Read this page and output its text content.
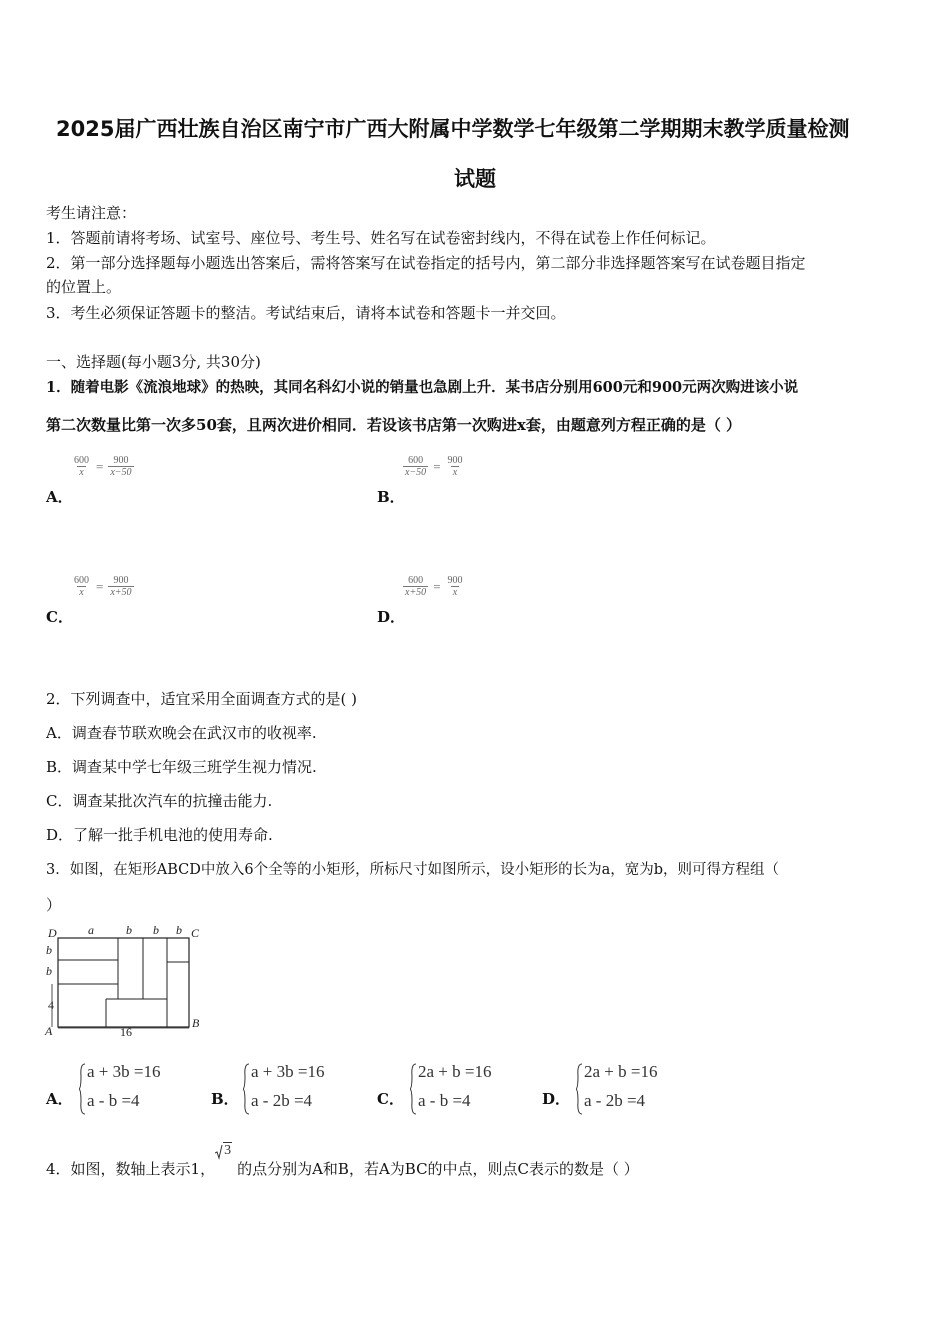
2025届广西壮族自治区南宁市广西大附属中学数学七年级第二学期期末教学质量检测
试题
考生请注意：
1．答题前请将考场、试室号、座位号、考生号、姓名写在试卷密封线内，不得在试卷上作任何标记。
2．第一部分选择题每小题选出答案后，需将答案写在试卷指定的括号内，第二部分非选择题答案写在试卷题目指定
的位置上。
3．考生必须保证答题卡的整洁。考试结束后，请将本试卷和答题卡一并交回。
一、选择题(每小题3分, 共30分)
1．随着电影《流浪地球》的热映，其同名科幻小说的销量也急剧上升．某书店分别用600元和900元两次购进该小说
第二次数量比第一次多50套，且两次进价相同．若设该书店第一次购进x套，由题意列方程正确的是（ ）
A．
$\frac{600}{x} = \frac{900}{x-50}$
B．
$\frac{600}{x-50} = \frac{900}{x}$
C．
$\frac{600}{x} = \frac{900}{x+50}$
D．
$\frac{600}{x+50} = \frac{900}{x}$
2．下列调查中，适宜采用全面调查方式的是( )
A．调查春节联欢晚会在武汉市的收视率.
B．调查某中学七年级三班学生视力情况.
C．调查某批次汽车的抗撞击能力.
D．了解一批手机电池的使用寿命.
3．如图，在矩形ABCD中放入6个全等的小矩形，所标尺寸如图所示，设小矩形的长为a，宽为b，则可得方程组（
）
D	C
A
B
a	b b b
b
b
4
16
A．
a + 3b =16
a - b =4	B．
a + 3b =16
a - 2b =4	C．
2a + b =16
a - b =4	D．
2a + b =16
a - 2b =4
4．如图，数轴上表示1，
3
的点分别为A和B，若A为BC的中点，则点C表示的数是（ ）
